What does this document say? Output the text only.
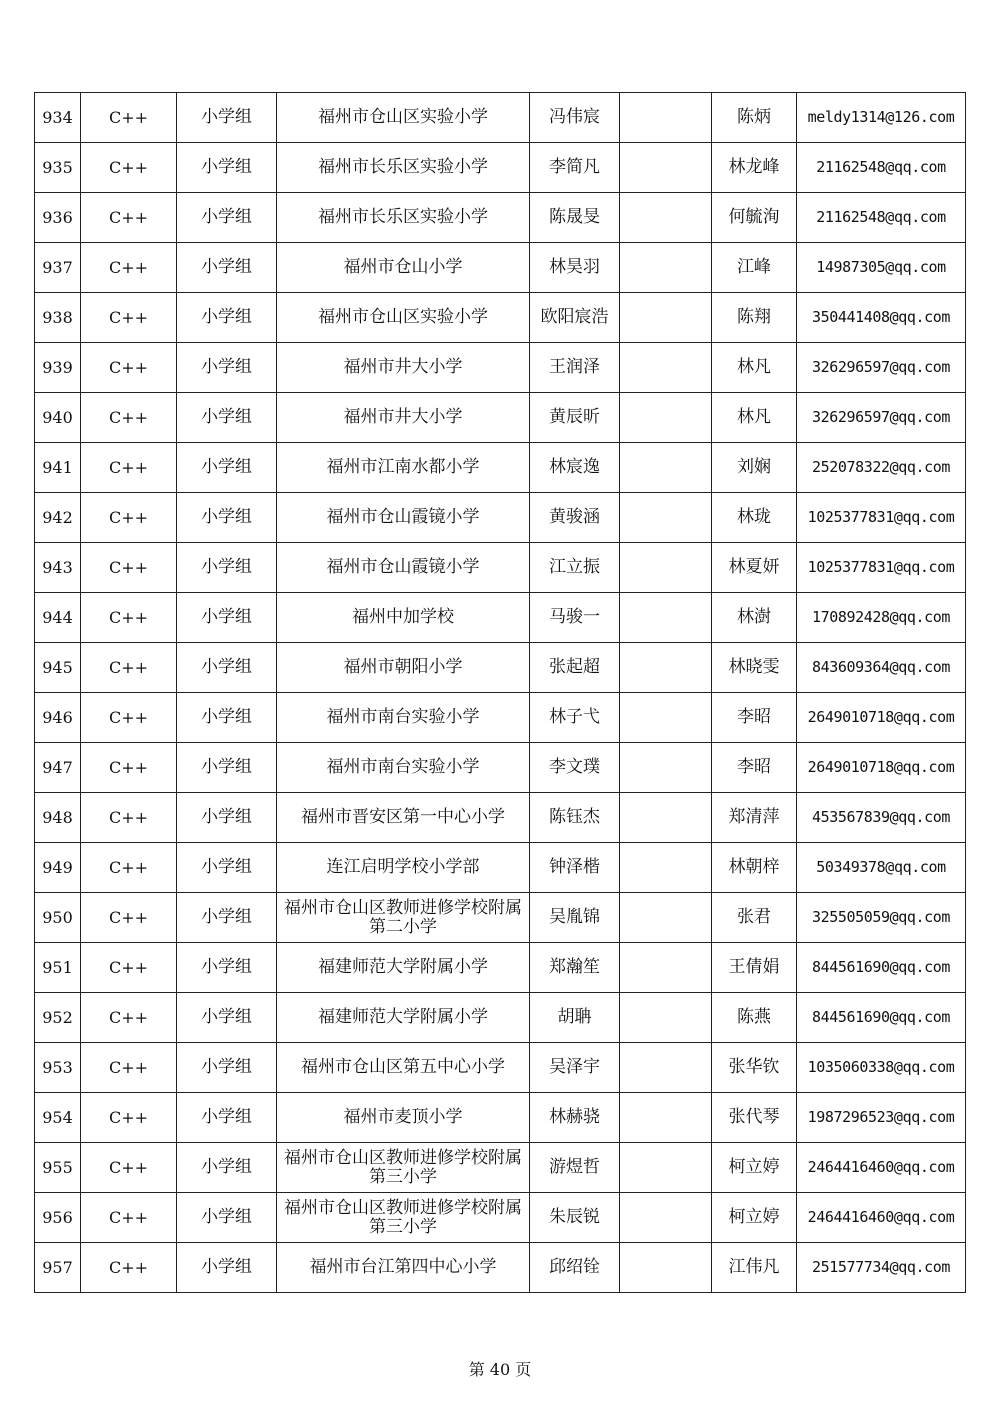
934	C++	小学组	福州市仓山区实验小学	冯伟宸		陈炳	meldy1314@126.com
935	C++	小学组	福州市长乐区实验小学	李简凡		林龙峰	21162548@qq.com
936	C++	小学组	福州市长乐区实验小学	陈晟旻		何毓洵	21162548@qq.com
937	C++	小学组	福州市仓山小学	林昊羽		江峰	14987305@qq.com
938	C++	小学组	福州市仓山区实验小学	欧阳宸浩		陈翔	350441408@qq.com
939	C++	小学组	福州市井大小学	王润泽		林凡	326296597@qq.com
940	C++	小学组	福州市井大小学	黄辰昕		林凡	326296597@qq.com
941	C++	小学组	福州市江南水都小学	林宸逸		刘娴	252078322@qq.com
942	C++	小学组	福州市仓山霞镜小学	黄骏涵		林珑	1025377831@qq.com
943	C++	小学组	福州市仓山霞镜小学	江立振		林夏妍	1025377831@qq.com
944	C++	小学组	福州中加学校	马骏一		林澍	170892428@qq.com
945	C++	小学组	福州市朝阳小学	张起超		林晓雯	843609364@qq.com
946	C++	小学组	福州市南台实验小学	林子弋		李昭	2649010718@qq.com
947	C++	小学组	福州市南台实验小学	李文璞		李昭	2649010718@qq.com
948	C++	小学组	福州市晋安区第一中心小学	陈钰杰		郑清萍	453567839@qq.com
949	C++	小学组	连江启明学校小学部	钟泽楷		林朝梓	50349378@qq.com
950	C++	小学组	福州市仓山区教师进修学校附属第二小学	吴胤锦		张君	325505059@qq.com
951	C++	小学组	福建师范大学附属小学	郑瀚笙		王倩娟	844561690@qq.com
952	C++	小学组	福建师范大学附属小学	胡聃		陈燕	844561690@qq.com
953	C++	小学组	福州市仓山区第五中心小学	吴泽宇		张华钦	1035060338@qq.com
954	C++	小学组	福州市麦顶小学	林赫骁		张代琴	1987296523@qq.com
955	C++	小学组	福州市仓山区教师进修学校附属第三小学	游煜哲		柯立婷	2464416460@qq.com
956	C++	小学组	福州市仓山区教师进修学校附属第三小学	朱辰锐		柯立婷	2464416460@qq.com
957	C++	小学组	福州市台江第四中心小学	邱绍铨		江伟凡	251577734@qq.com
第 40 页
